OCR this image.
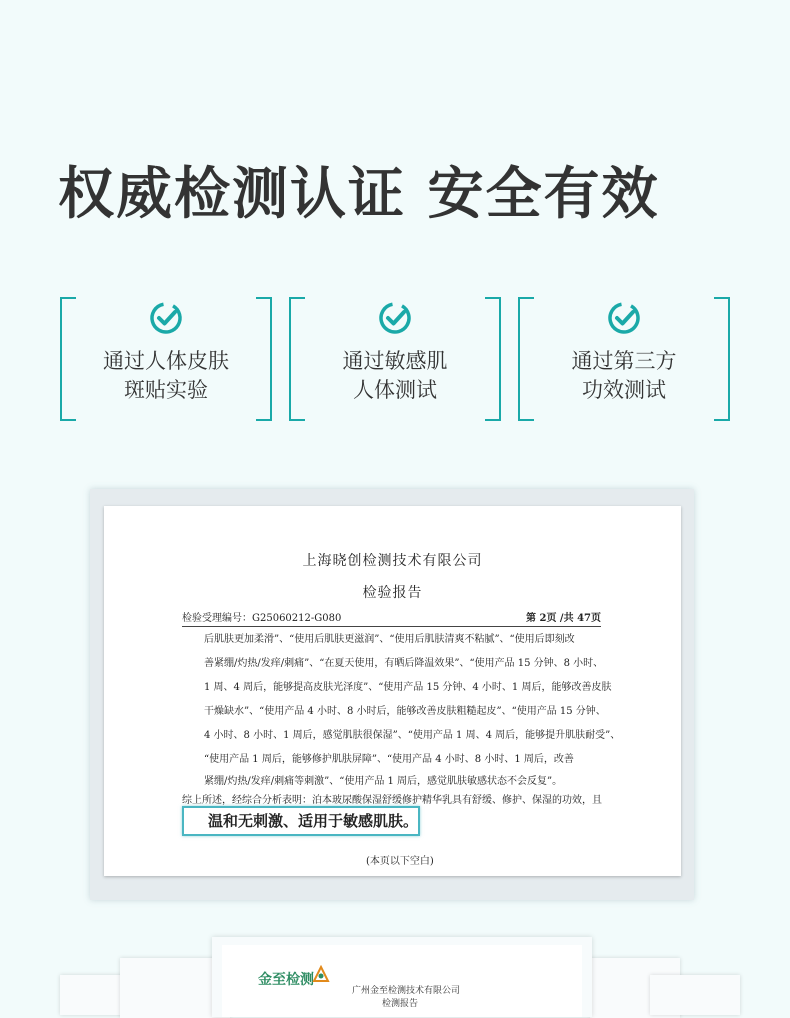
权威检测认证 安全有效
通过人体皮肤
斑贴实验
通过敏感肌
人体测试
通过第三方
功效测试
上海晓创检测技术有限公司
检验报告
检验受理编号：G25060212-G080	第 2页 /共 47页
后肌肤更加柔滑”、“使用后肌肤更滋润”、“使用后肌肤清爽不粘腻”、“使用后即刻改
善紧绷/灼热/发痒/刺痛”、“在夏天使用，有晒后降温效果”、“使用产品 15 分钟、8 小时、
1 周、4 周后，能够提高皮肤光泽度”、“使用产品 15 分钟、4 小时、1 周后，能够改善皮肤
干燥缺水”、“使用产品 4 小时、8 小时后，能够改善皮肤粗糙起皮”、“使用产品 15 分钟、
4 小时、8 小时、1 周后，感觉肌肤很保湿”、“使用产品 1 周、4 周后，能够提升肌肤耐受”、
“使用产品 1 周后，能够修护肌肤屏障”、“使用产品 4 小时、8 小时、1 周后，改善
紧绷/灼热/发痒/刺痛等刺激”、“使用产品 1 周后，感觉肌肤敏感状态不会反复”。
综上所述，经综合分析表明：泊本玻尿酸保湿舒缓修护精华乳具有舒缓、修护、保湿的功效，且
温和无刺激、适用于敏感肌肤。
(本页以下空白)
金至检测
广州金至检测技术有限公司
检测报告
